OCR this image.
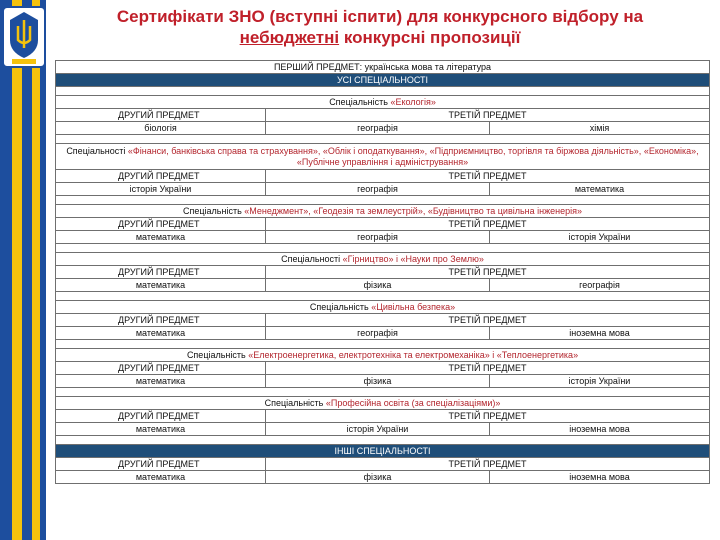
Сертифікати ЗНО (вступні іспити) для конкурсного відбору на
небюджетні конкурсні пропозиції
ПЕРШИЙ ПРЕДМЕТ: українська мова та література		
УСІ СПЕЦІАЛЬНОСТІ		

Спеціальність «Екологія»		
ДРУГИЙ ПРЕДМЕТ	ТРЕТІЙ ПРЕДМЕТ	
біологія	географія	хімія

Спеціальності «Фінанси, банківська справа та страхування», «Облік і оподаткування», «Підприємництво, торгівля та біржова діяльність», «Економіка», «Публічне управління і адміністрування»		
ДРУГИЙ ПРЕДМЕТ	ТРЕТІЙ ПРЕДМЕТ	
історія України	географія	математика

Спеціальність «Менеджмент», «Геодезія та землеустрій», «Будівництво та цивільна інженерія»		
ДРУГИЙ ПРЕДМЕТ	ТРЕТІЙ ПРЕДМЕТ	
математика	географія	історія України

Спеціальності «Гірництво» і «Науки про Землю»		
ДРУГИЙ ПРЕДМЕТ	ТРЕТІЙ ПРЕДМЕТ	
математика	фізика	географія

Спеціальність «Цивільна безпека»		
ДРУГИЙ ПРЕДМЕТ	ТРЕТІЙ ПРЕДМЕТ	
математика	географія	іноземна мова

Спеціальність «Електроенергетика, електротехніка та електромеханіка» і «Теплоенергетика»		
ДРУГИЙ ПРЕДМЕТ	ТРЕТІЙ ПРЕДМЕТ	
математика	фізика	історія України

Спеціальність «Професійна освіта (за спеціалізаціями)»		
ДРУГИЙ ПРЕДМЕТ	ТРЕТІЙ ПРЕДМЕТ	
математика	історія України	іноземна мова

ІНШІ СПЕЦІАЛЬНОСТІ		
ДРУГИЙ ПРЕДМЕТ	ТРЕТІЙ ПРЕДМЕТ	
математика	фізика	іноземна мова
